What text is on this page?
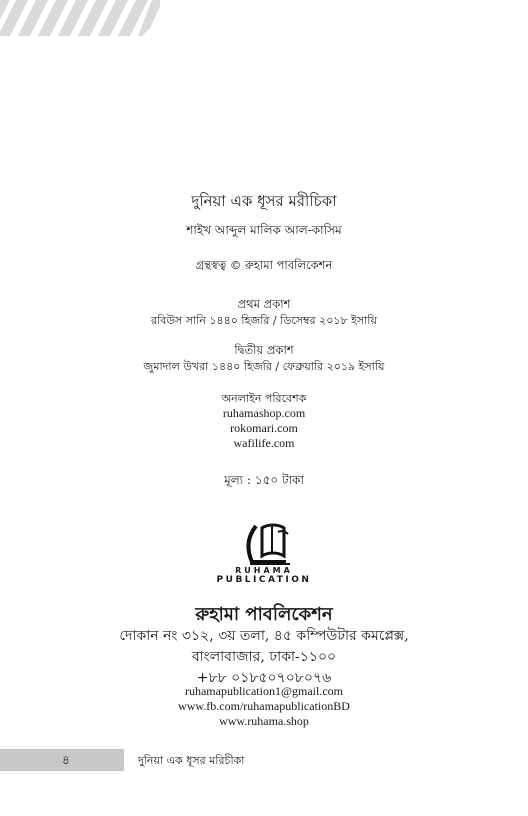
দুনিয়া এক ধূসর মরীচিকা
শাইখ আব্দুল মালিক আল-কাসিম
গ্রন্থস্বত্ব © রুহামা পাবলিকেশন
প্রথম প্রকাশ
রবিউস সানি ১৪৪০ হিজরি / ডিসেম্বর ২০১৮ ইসায়ি
দ্বিতীয় প্রকাশ
জুমাদাল উখরা ১৪৪০ হিজরি / ফেব্রুয়ারি ২০১৯ ইসায়ি
অনলাইন পরিবেশক
ruhamashop.com
rokomari.com
wafilife.com
মূল্য : ১৫০ টাকা
RUHAMA
PUBLICATION
রুহামা পাবলিকেশন
দোকান নং ৩১২, ৩য় তলা, ৪৫ কম্পিউটার কমপ্লেক্স,
বাংলাবাজার, ঢাকা-১১০০
+৮৮ ০১৮৫০৭০৮০৭৬
ruhamapublication1@gmail.com
www.fb.com/ruhamapublicationBD
www.ruhama.shop
৪	দুনিয়া এক ধূসর মরিচীকা
